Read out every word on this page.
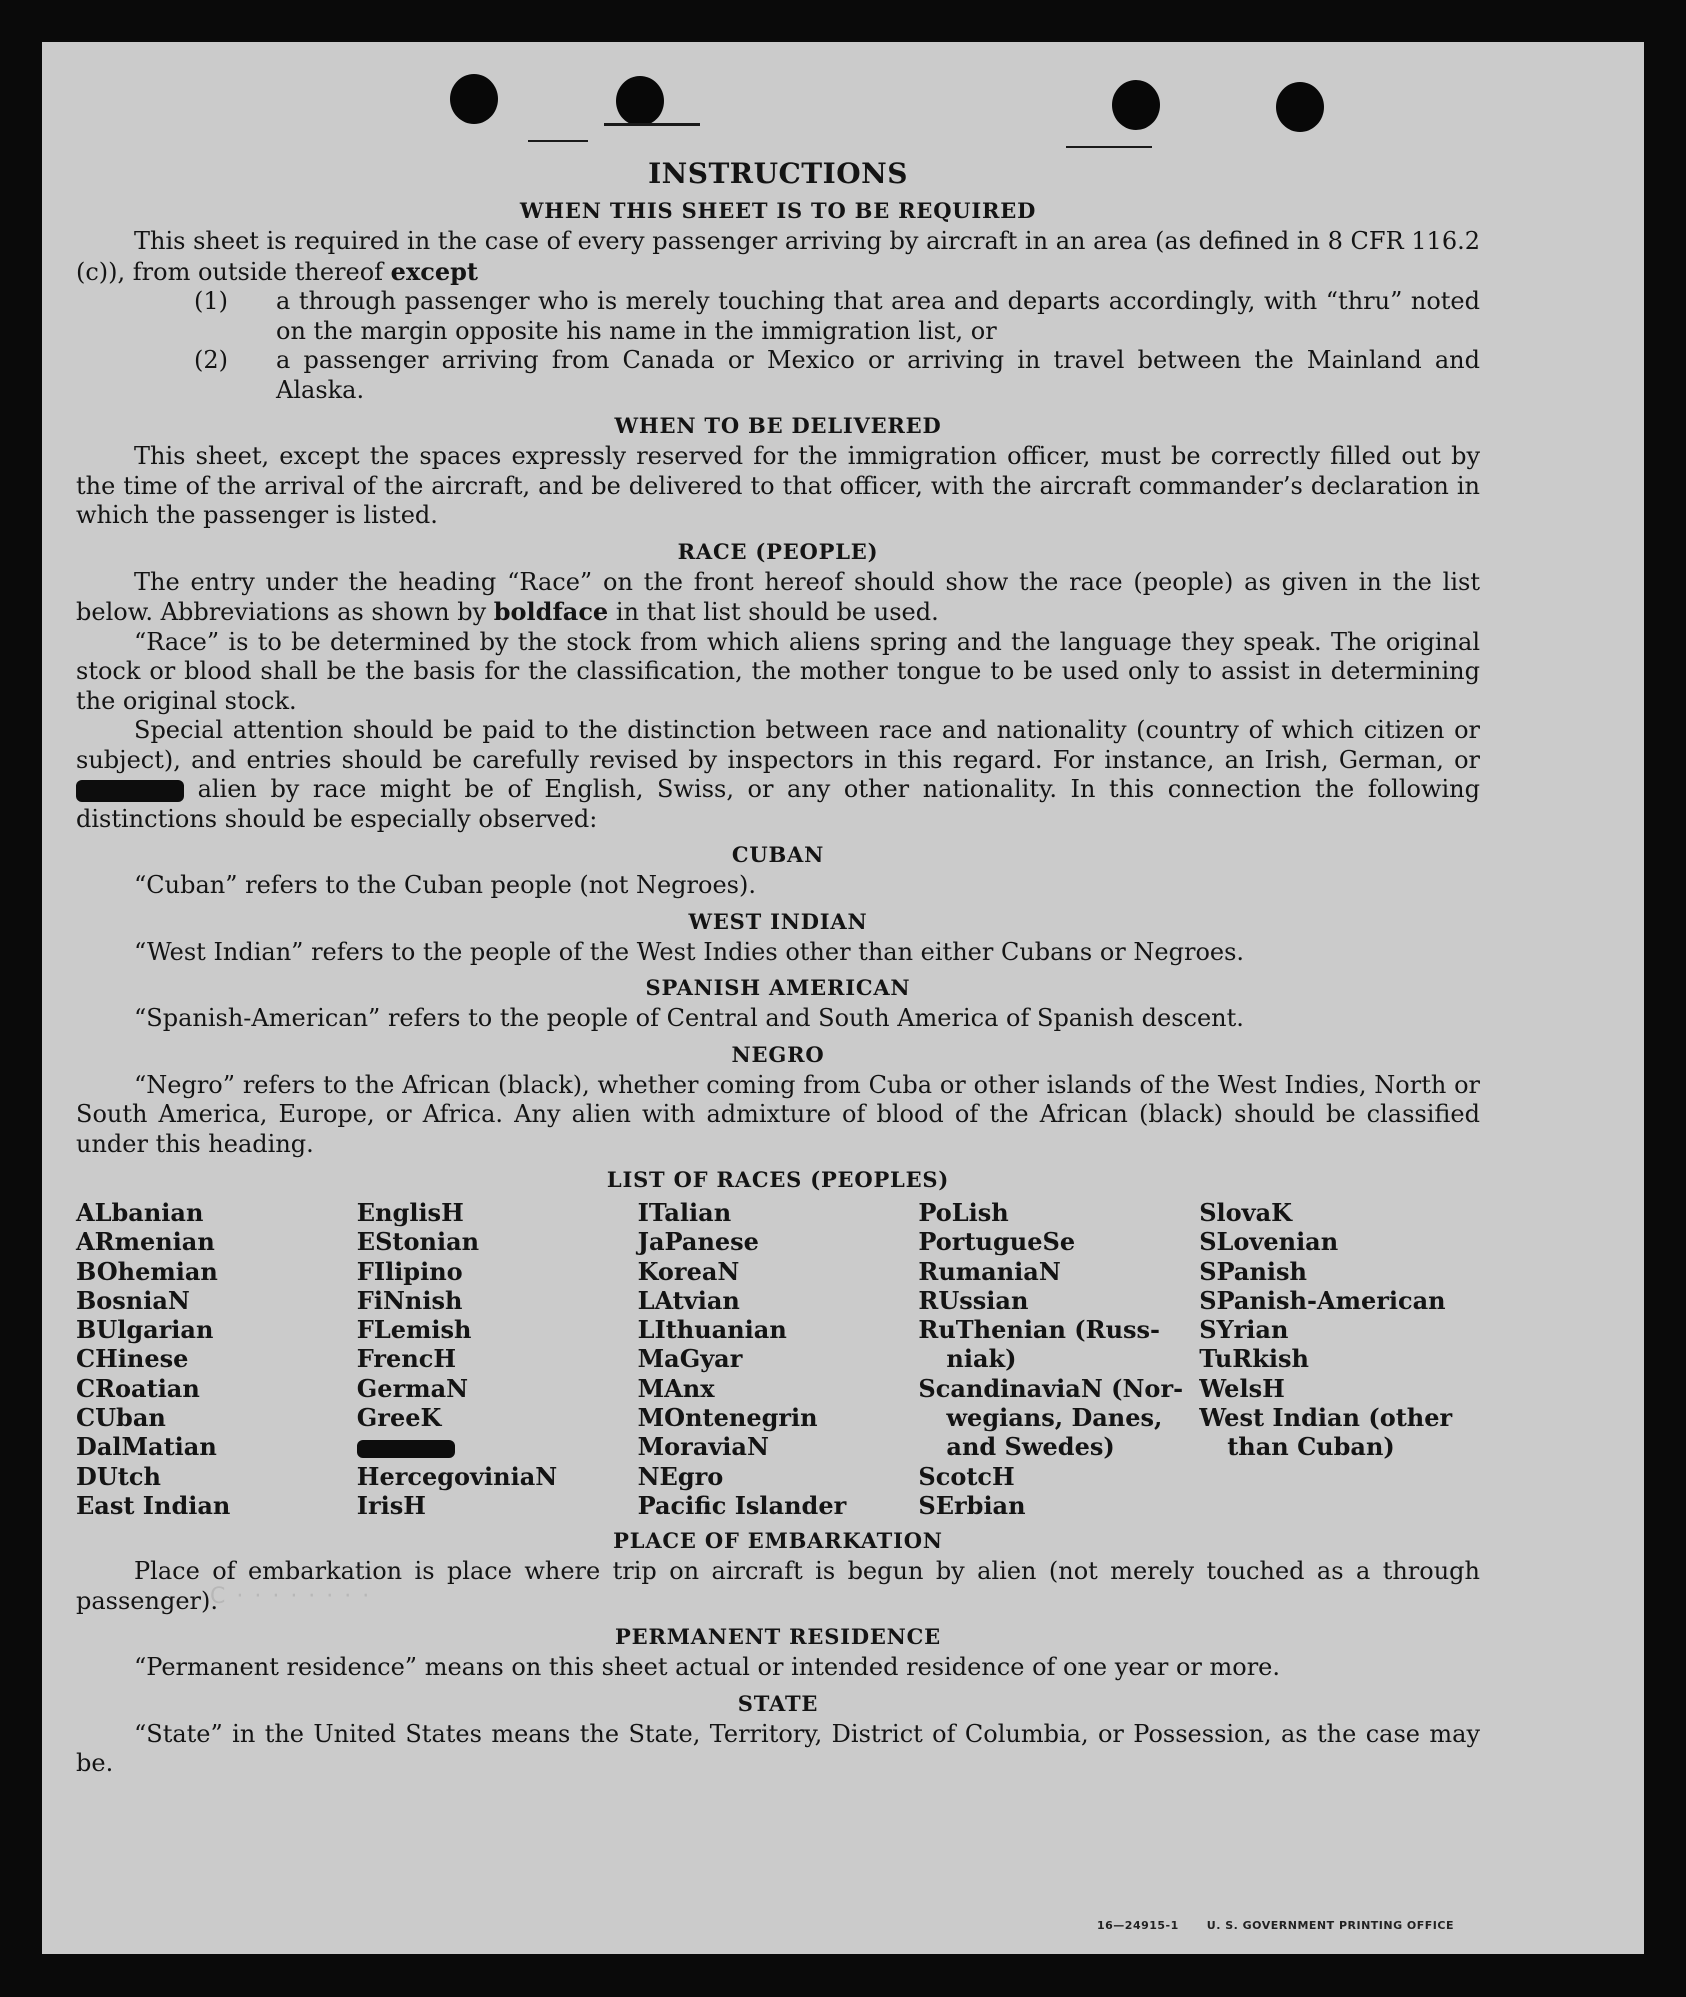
C · · · · · · · ·
INSTRUCTIONS
WHEN THIS SHEET IS TO BE REQUIRED

This sheet is required in the case of every passenger arriving by aircraft in an area (as defined in 8 CFR 116.2 (c)), from outside thereof except

(1) a through passenger who is merely touching that area and departs accordingly, with “thru” noted on the margin opposite his name in the immigration list, or
(2) a passenger arriving from Canada or Mexico or arriving in travel between the Mainland and Alaska.
WHEN TO BE DELIVERED

This sheet, except the spaces expressly reserved for the immigration officer, must be correctly filled out by the time of the arrival of the aircraft, and be delivered to that officer, with the aircraft commander’s declaration in which the passenger is listed.

RACE (PEOPLE)

The entry under the heading “Race” on the front hereof should show the race (people) as given in the list below. Abbreviations as shown by boldface in that list should be used.

“Race” is to be determined by the stock from which aliens spring and the language they speak. The original stock or blood shall be the basis for the classification, the mother tongue to be used only to assist in determining the original stock.

Special attention should be paid to the distinction between race and nationality (country of which citizen or subject), and entries should be carefully revised by inspectors in this regard. For instance, an Irish, German, or  alien by race might be of English, Swiss, or any other nationality. In this connection the following distinctions should be especially observed:

CUBAN

“Cuban” refers to the Cuban people (not Negroes).

WEST INDIAN

“West Indian” refers to the people of the West Indies other than either Cubans or Negroes.

SPANISH AMERICAN

“Spanish-American” refers to the people of Central and South America of Spanish descent.

NEGRO

“Negro” refers to the African (black), whether coming from Cuba or other islands of the West Indies, North or South America, Europe, or Africa. Any alien with admixture of blood of the African (black) should be classified under this heading.

LIST OF RACES (PEOPLES)
ALbanian
ARmenian
BOhemian
BosniaN
BUlgarian
CHinese
CRoatian
CUban
DalMatian
DUtch
East Indian
EnglisH
EStonian
FIlipino
FiNnish
FLemish
FrencH
GermaN
GreeK
HercegoviniaN
IrisH
ITalian
JaPanese
KoreaN
LAtvian
LIthuanian
MaGyar
MAnx
MOntenegrin
MoraviaN
NEgro
Pacific Islander
PoLish
PortugueSe
RumaniaN
RUssian
RuThenian (Russ-
niak)
ScandinaviaN (Nor-
wegians, Danes,
and Swedes)
ScotcH
SErbian
SlovaK
SLovenian
SPanish
SPanish-American
SYrian
TuRkish
WelsH
West Indian (other
than Cuban)
PLACE OF EMBARKATION

Place of embarkation is place where trip on aircraft is begun by alien (not merely touched as a through passenger).

PERMANENT RESIDENCE

“Permanent residence” means on this sheet actual or intended residence of one year or more.

STATE

“State” in the United States means the State, Territory, District of Columbia, or Possession, as the case may be.

16—24915-1	U. S. GOVERNMENT PRINTING OFFICE
